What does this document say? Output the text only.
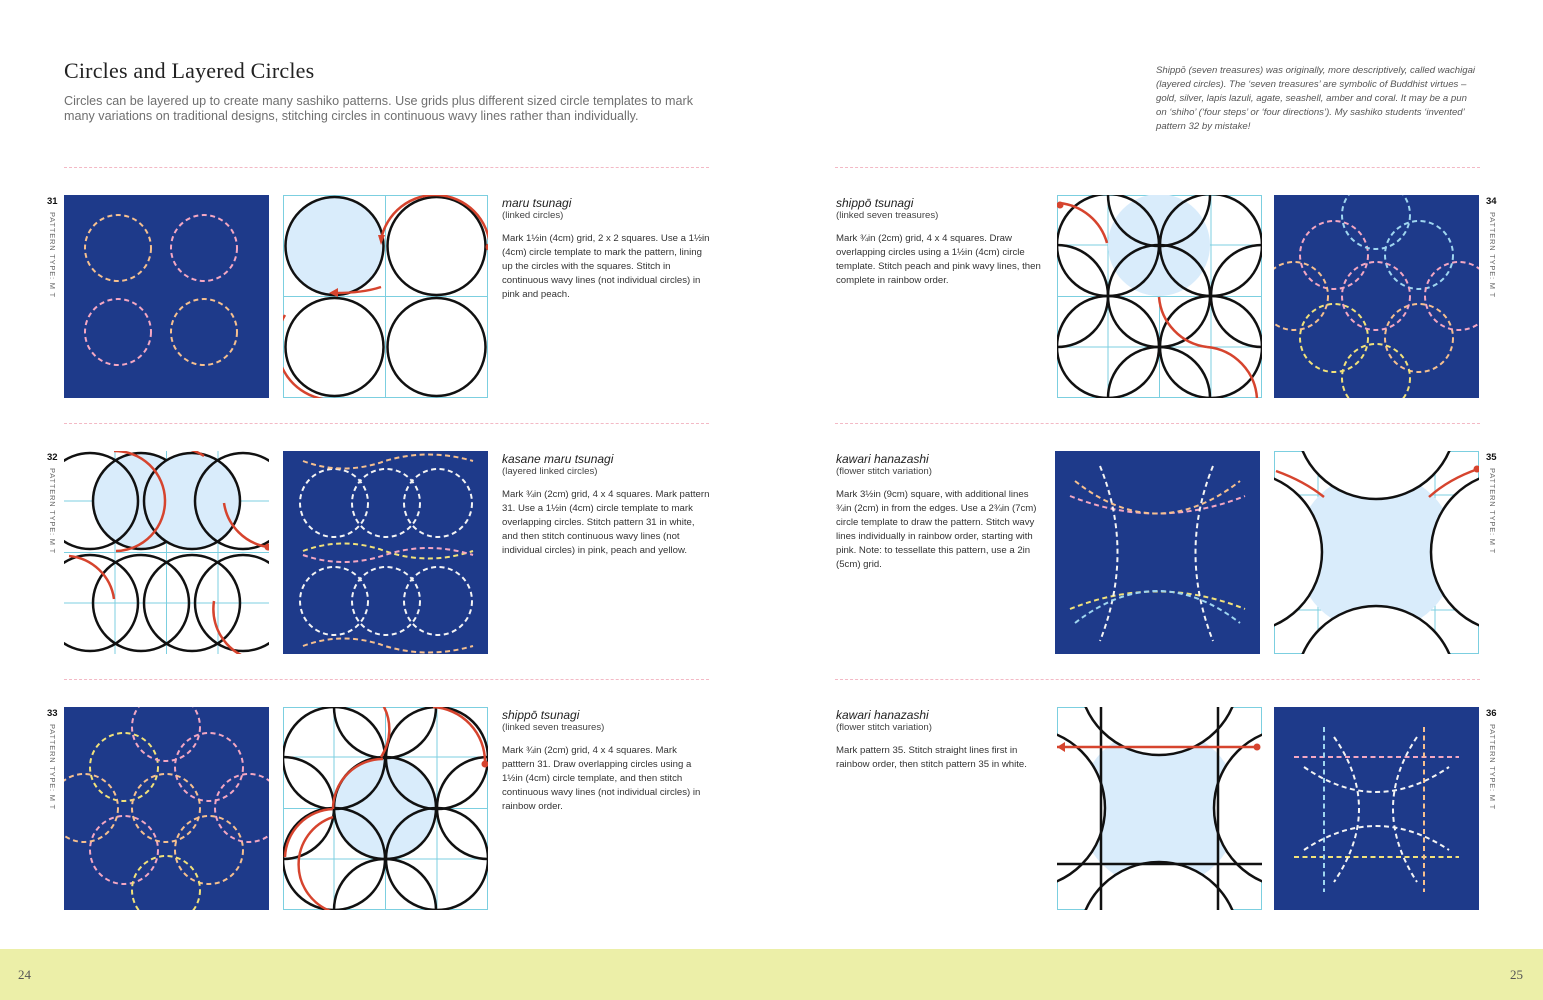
Circles and Layered Circles

Circles can be layered up to create many sashiko patterns. Use grids plus different sized circle templates to mark many variations on traditional designs, stitching circles in continuous wavy lines rather than individually.

Shippō (seven treasures) was originally, more descriptively, called wachigai (layered circles). The ‘seven treasures’ are symbolic of Buddhist virtues – gold, silver, lapis lazuli, agate, seashell, amber and coral. It may be a pun on ‘shiho’ (‘four steps’ or ‘four directions’). My sashiko students ‘invented’ pattern 32 by mistake!

31
PATTERN TYPE: M T

maru tsunagi

(linked circles)

Mark 1½in (4cm) grid, 2 x 2 squares. Use a 1½in (4cm) circle template to mark the pattern, lining up the circles with the squares. Stitch in continuous wavy lines (not individual circles) in pink and peach.

32
PATTERN TYPE: M T

kasane maru tsunagi

(layered linked circles)

Mark ¾in (2cm) grid, 4 x 4 squares. Mark pattern 31. Use a 1½in (4cm) circle template to mark overlapping circles. Stitch pattern 31 in white, and then stitch continuous wavy lines (not individual circles) in pink, peach and yellow.

33
PATTERN TYPE: M T

shippō tsunagi

(linked seven treasures)

Mark ¾in (2cm) grid, 4 x 4 squares. Mark patttern 31. Draw overlapping circles using a 1½in (4cm) circle template, and then stitch continuous wavy lines (not individual circles) in rainbow order.

shippō tsunagi

(linked seven treasures)

Mark ¾in (2cm) grid, 4 x 4 squares. Draw overlapping circles using a 1½in (4cm) circle template. Stitch peach and pink wavy lines, then complete in rainbow order.

34
PATTERN TYPE: M T

kawari hanazashi

(flower stitch variation)

Mark 3½in (9cm) square, with additional lines ¾in (2cm) in from the edges. Use a 2¾in (7cm) circle template to draw the pattern. Stitch wavy lines individually in rainbow order, starting with pink. Note: to tessellate this pattern, use a 2in (5cm) grid.

35
PATTERN TYPE: M T

kawari hanazashi

(flower stitch variation)

Mark pattern 35. Stitch straight lines first in rainbow order, then stitch pattern 35 in white.

36
PATTERN TYPE: M T
24	25
